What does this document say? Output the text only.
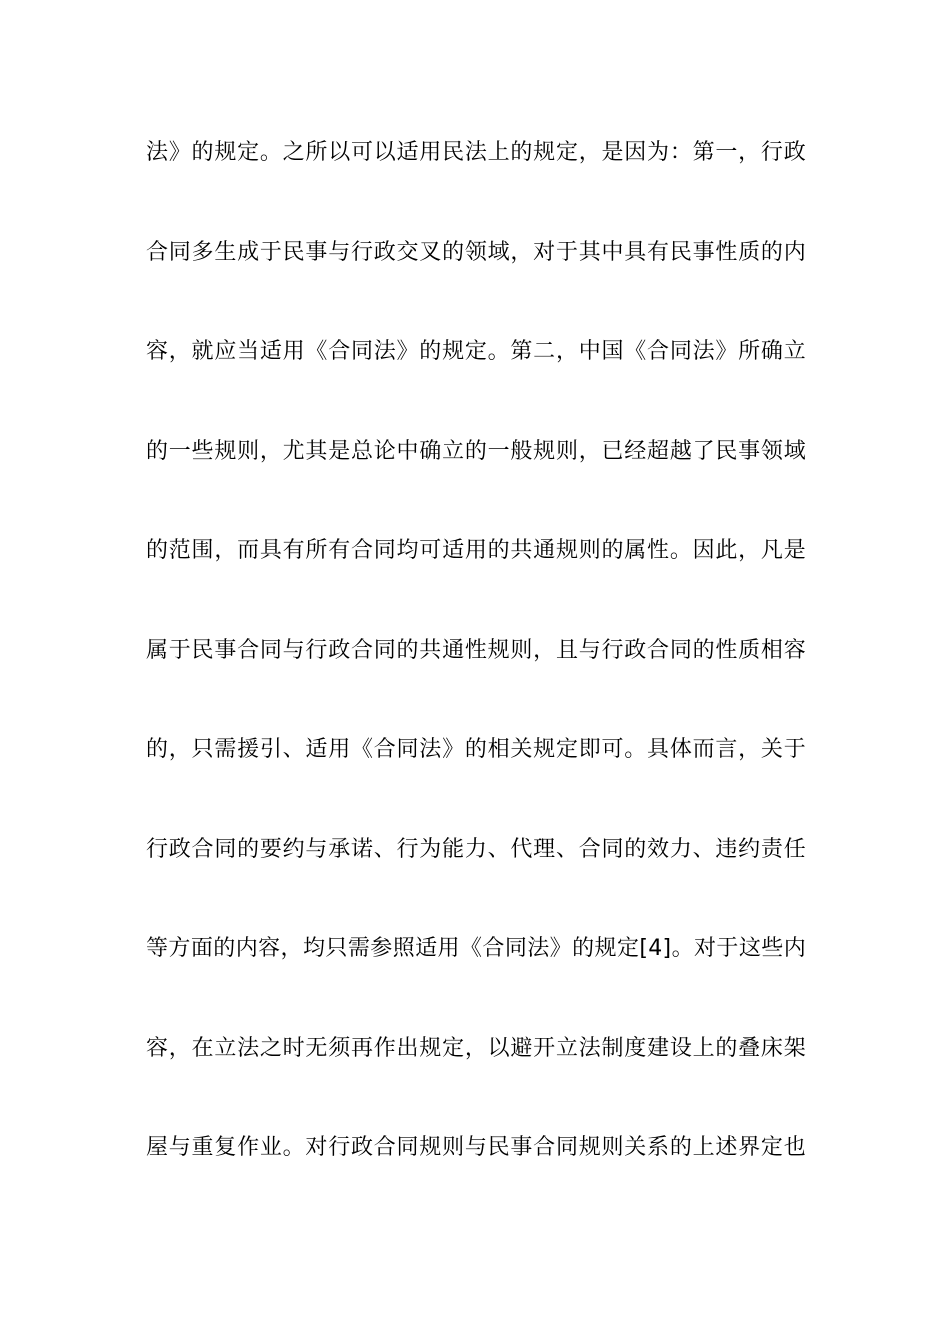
法》的规定。之所以可以适用民法上的规定，是因为：第一，行政
合同多生成于民事与行政交叉的领域，对于其中具有民事性质的内
容，就应当适用《合同法》的规定。第二，中国《合同法》所确立
的一些规则，尤其是总论中确立的一般规则，已经超越了民事领域
的范围，而具有所有合同均可适用的共通规则的属性。因此，凡是
属于民事合同与行政合同的共通性规则，且与行政合同的性质相容
的，只需援引、适用《合同法》的相关规定即可。具体而言，关于
行政合同的要约与承诺、行为能力、代理、合同的效力、违约责任
等方面的内容，均只需参照适用《合同法》的规定[4]。对于这些内
容，在立法之时无须再作出规定，以避开立法制度建设上的叠床架
屋与重复作业。对行政合同规则与民事合同规则关系的上述界定也
